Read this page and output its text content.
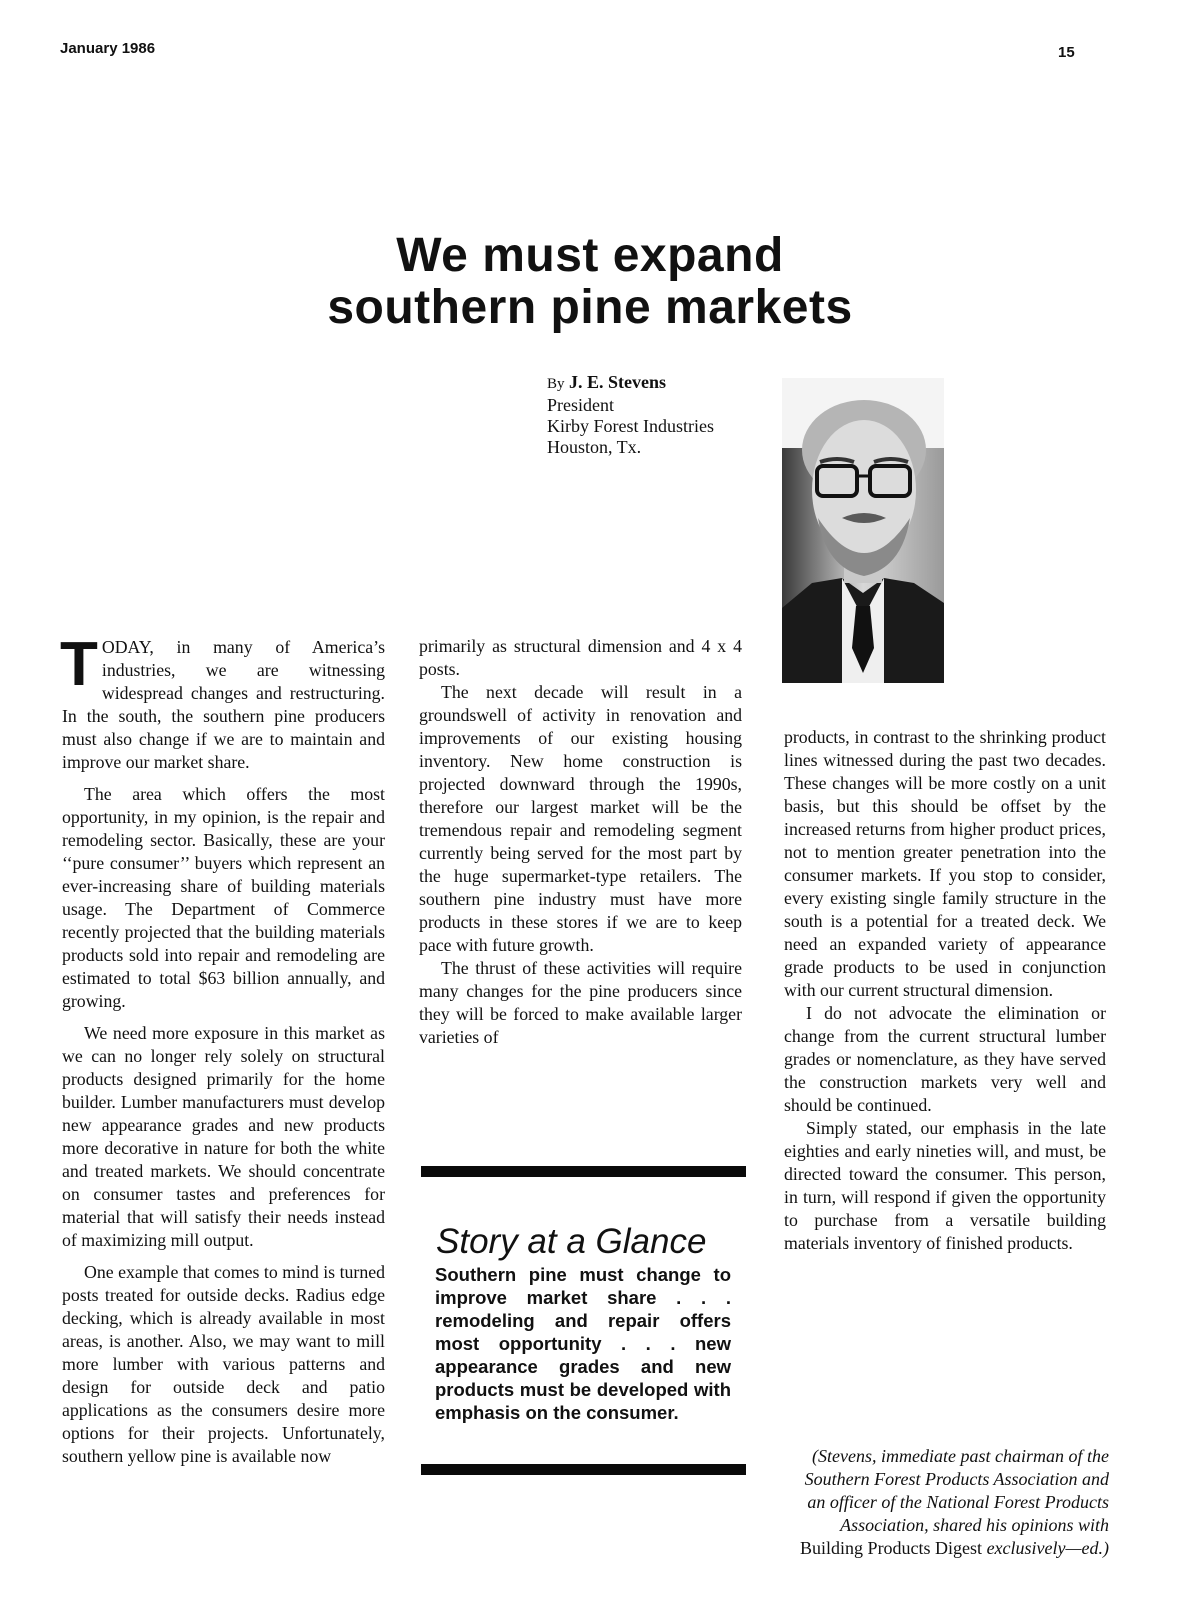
January 1986	15
We must expand
southern pine markets
By J. E. Stevens
President
Kirby Forest Industries
Houston, Tx.

TODAY, in many of America’s industries, we are witnessing widespread changes and restructuring. In the south, the southern pine producers must also change if we are to maintain and improve our market share.

The area which offers the most opportunity, in my opinion, is the repair and remodeling sector. Basically, these are your ‘‘pure consumer’’ buyers which represent an ever-increasing share of building materials usage. The Department of Commerce recently projected that the building materials products sold into repair and remodeling are estimated to total $63 billion annually, and growing.

We need more exposure in this market as we can no longer rely solely on structural products designed primarily for the home builder. Lumber manufacturers must develop new appearance grades and new products more decorative in nature for both the white and treated markets. We should concentrate on consumer tastes and preferences for material that will satisfy their needs instead of maximizing mill output.

One example that comes to mind is turned posts treated for outside decks. Radius edge decking, which is already available in most areas, is another. Also, we may want to mill more lumber with various patterns and design for outside deck and patio applications as the consumers desire more options for their projects. Unfortunately, southern yellow pine is available now

primarily as structural dimension and 4 x 4 posts.

The next decade will result in a groundswell of activity in renovation and improvements of our existing housing inventory. New home construction is projected downward through the 1990s, therefore our largest market will be the tremendous repair and remodeling segment currently being served for the most part by the huge supermarket-type retailers. The southern pine industry must have more products in these stores if we are to keep pace with future growth.

The thrust of these activities will require many changes for the pine producers since they will be forced to make available larger varieties of

Story at a Glance
Southern pine must change to improve market share . . . remodeling and repair offers most opportunity . . . new appearance grades and new products must be developed with emphasis on the consumer.

products, in contrast to the shrinking product lines witnessed during the past two decades. These changes will be more costly on a unit basis, but this should be offset by the increased returns from higher product prices, not to mention greater penetration into the consumer markets. If you stop to consider, every existing single family structure in the south is a potential for a treated deck. We need an expanded variety of appearance grade products to be used in conjunction with our current structural dimension.

I do not advocate the elimination or change from the current structural lumber grades or nomenclature, as they have served the construction markets very well and should be continued.

Simply stated, our emphasis in the late eighties and early nineties will, and must, be directed toward the consumer. This person, in turn, will respond if given the opportunity to purchase from a versatile building materials inventory of finished products.

(Stevens, immediate past chairman of the Southern Forest Products Association and an officer of the National Forest Products Association, shared his opinions with Building Products Digest exclusively—ed.)
